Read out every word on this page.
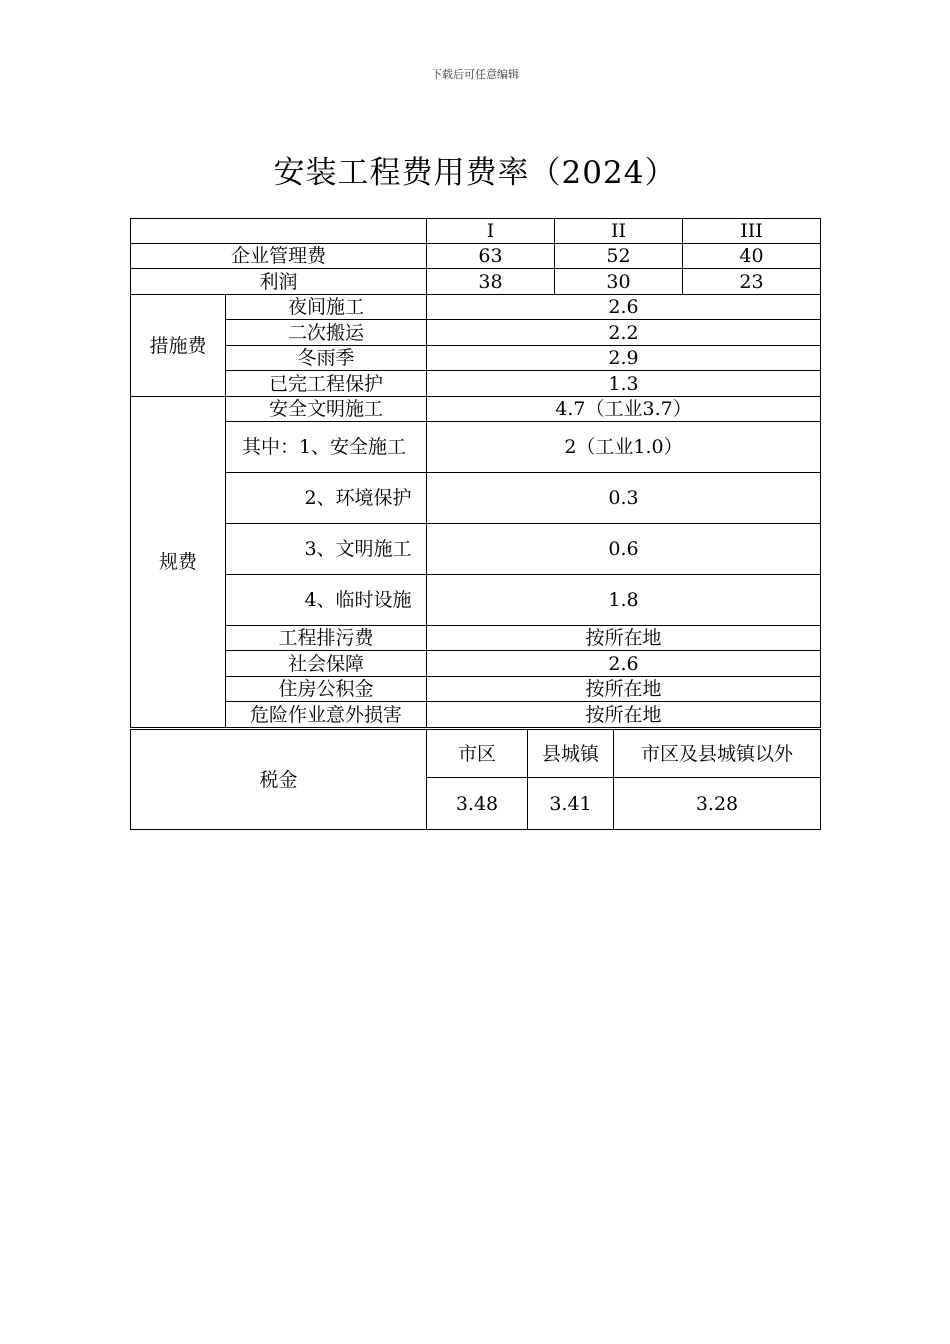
下载后可任意编辑
安装工程费用费率（2024）
		I	II	III
企业管理费		63	52	40
利润		38	30	23
措施费	夜间施工	2.6		
	二次搬运	2.2		
	冬雨季	2.9		
	已完工程保护	1.3		
规费	安全文明施工	4.7（工业3.7）		
	其中：1、安全施工	2（工业1.0）		
	2、环境保护	0.3		
	3、文明施工	0.6		
	4、临时设施	1.8		
	工程排污费	按所在地		
	社会保障	2.6		
	住房公积金	按所在地		
	危险作业意外损害	按所在地		
税金	市区	县城镇	市区及县城镇以外
	3.48	3.41	3.28
